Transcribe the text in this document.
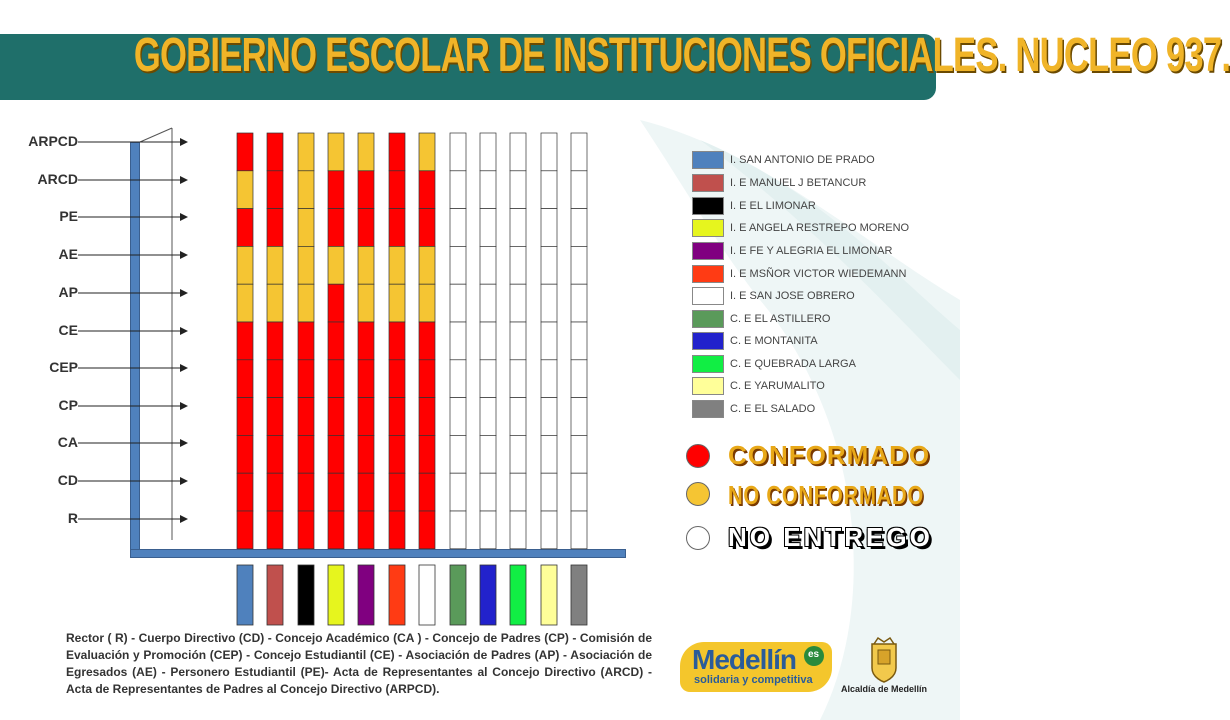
GOBIERNO ESCOLAR DE INSTITUCIONES OFICIALES. NUCLEO 937.
ARPCD
ARCD
PE
AE
AP
CE
CEP
CP
CA
CD
R
I. SAN ANTONIO DE PRADO
I. E MANUEL J BETANCUR
I. E EL LIMONAR
I. E ANGELA RESTREPO MORENO
I. E FE Y ALEGRIA EL LIMONAR
I. E MSÑOR VICTOR WIEDEMANN
I. E SAN JOSE OBRERO
C. E EL ASTILLERO
C. E MONTANITA
C. E QUEBRADA LARGA
C. E YARUMALITO
C. E EL SALADO
CONFORMADO
NO CONFORMADO
NO ENTREGO
Rector ( R) - Cuerpo Directivo (CD) - Concejo Académico (CA ) - Concejo de Padres (CP) - Comisión de Evaluación y Promoción (CEP) - Concejo Estudiantil (CE) - Asociación de Padres (AP) - Asociación de Egresados (AE) - Personero Estudiantil (PE)- Acta de Representantes al Concejo Directivo (ARCD) - Acta de Representantes de Padres al Concejo Directivo (ARPCD).
Medellín
solidaria y competitiva
es
Alcaldía de Medellín
